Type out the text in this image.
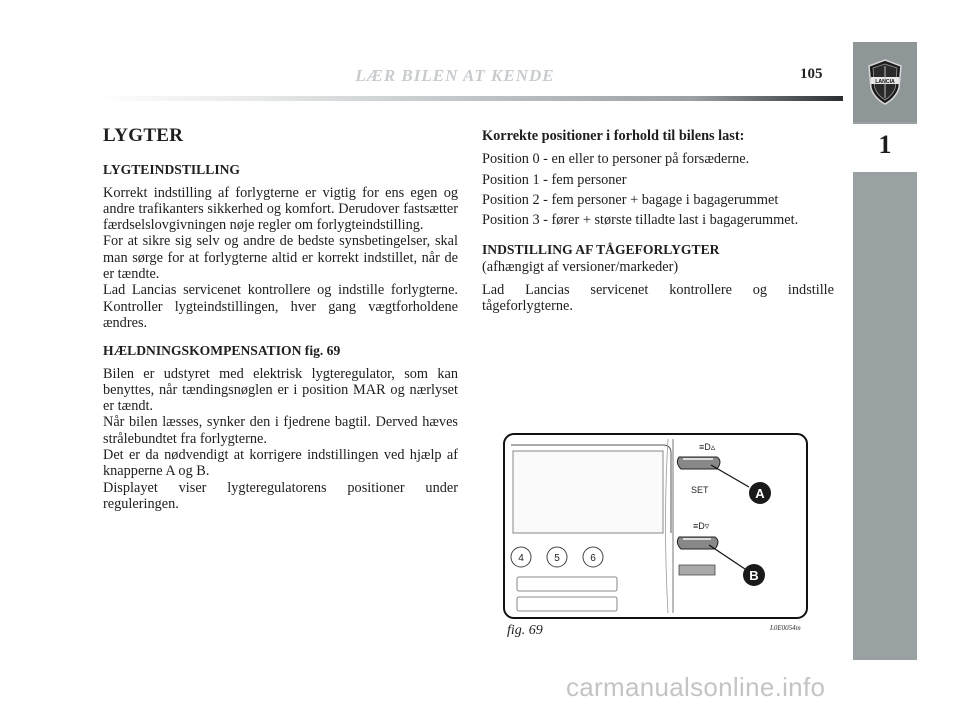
LÆR BILEN AT KENDE	105	LANCIA
1

LYGTER

LYGTEINDSTILLING

Korrekt indstilling af forlygterne er vigtig for ens egen og andre trafikanters sikkerhed og komfort. Derudover fastsætter færdselslovgivningen nøje regler om forlygteindstilling.

For at sikre sig selv og andre de bedste synsbetingelser, skal man sørge for at forlygterne altid er korrekt indstillet, når de er tændte.

Lad Lancias servicenet kontrollere og indstille forlygterne. Kontroller lygteindstillingen, hver gang vægtforholdene ændres.

HÆLDNINGSKOMPENSATION fig. 69

Bilen er udstyret med elektrisk lygteregulator, som kan benyttes, når tændingsnøglen er i position MAR og nærlyset er tændt.

Når bilen læsses, synker den i fjedrene bagtil. Derved hæves strålebundtet fra forlygterne.

Det er da nødvendigt at korrigere indstillingen ved hjælp af knapperne A og B.

Displayet viser lygteregulatorens positioner under reguleringen.

Korrekte positioner i forhold til bilens last:

Position 0 - en eller to personer på forsæderne.

Position 1 - fem personer

Position 2 - fem personer + bagage i bagagerummet

Position 3 - fører + største tilladte last i bagagerummet.

INDSTILLING AF TÅGEFORLYGTER

(afhængigt af versioner/markeder)

Lad Lancias servicenet kontrollere og indstille tågeforlygterne.

≡D▵
SET
≡D▿
4	5	6
A
B
fig. 69	L0E0054m
carmanualsonline.info
